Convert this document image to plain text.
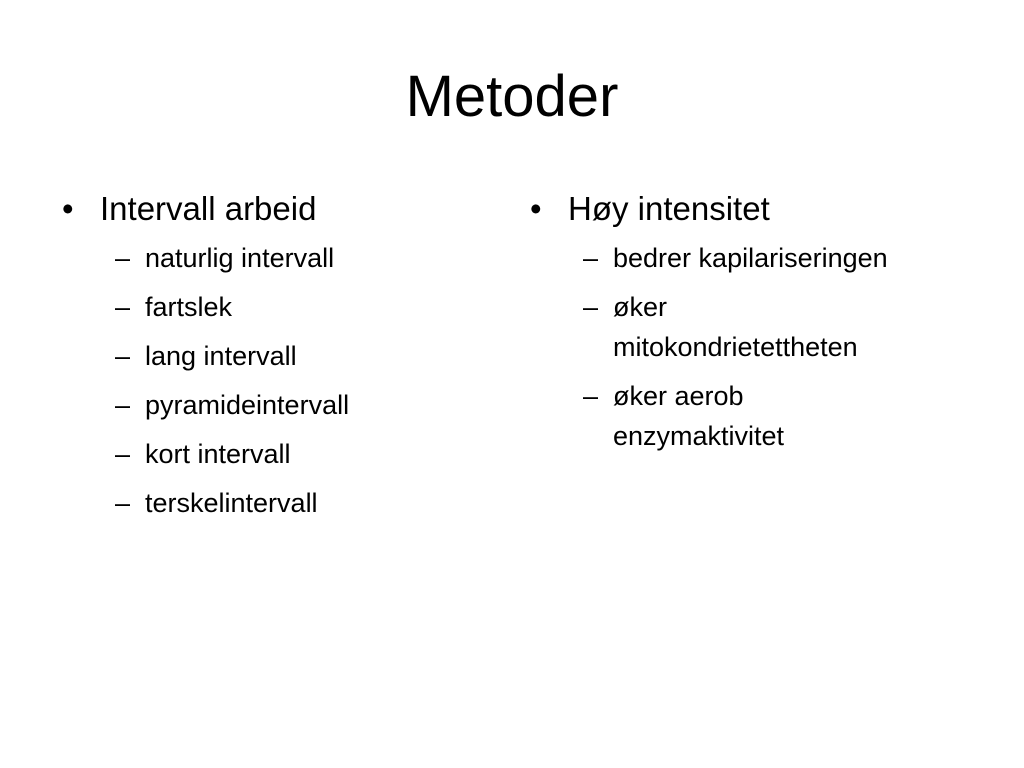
Metoder
• Intervall arbeid
– naturlig intervall
– fartslek
– lang intervall
– pyramideintervall
– kort intervall
– terskelintervall
• Høy intensitet
– bedrer kapilariseringen
– øker mitokondrietettheten
– øker aerob enzymaktivitet
